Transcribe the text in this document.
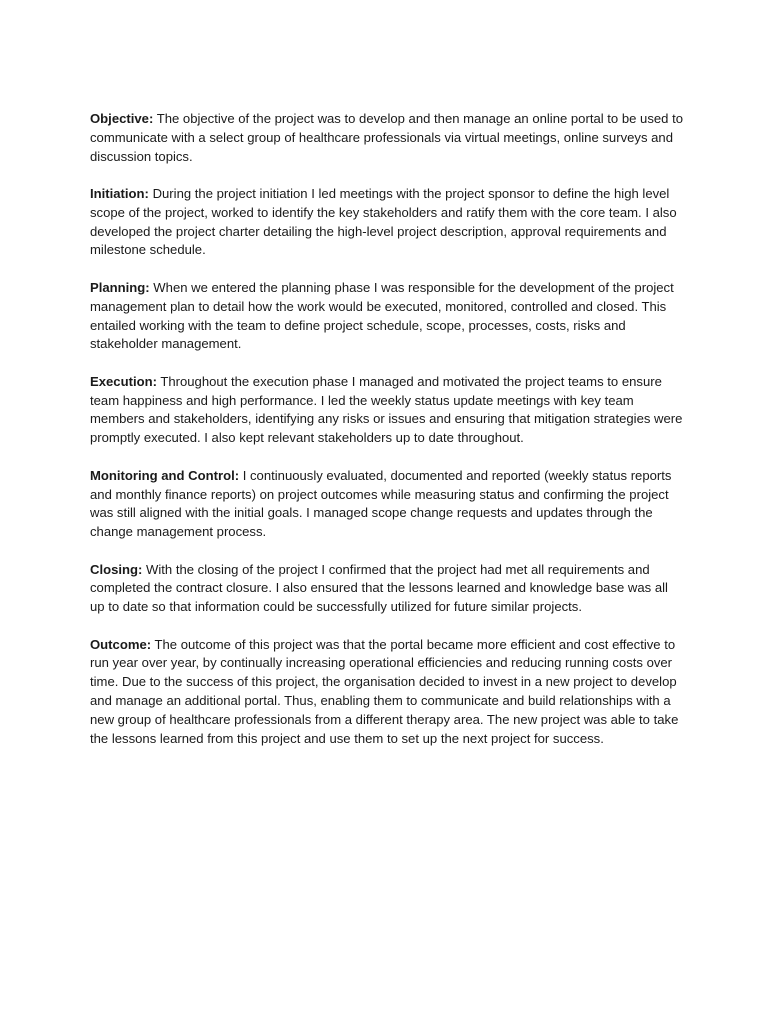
Objective: The objective of the project was to develop and then manage an online portal to be used to communicate with a select group of healthcare professionals via virtual meetings, online surveys and discussion topics.

Initiation: During the project initiation I led meetings with the project sponsor to define the high level scope of the project, worked to identify the key stakeholders and ratify them with the core team. I also developed the project charter detailing the high-level project description, approval requirements and milestone schedule.

Planning: When we entered the planning phase I was responsible for the development of the project management plan to detail how the work would be executed, monitored, controlled and closed. This entailed working with the team to define project schedule, scope, processes, costs, risks and stakeholder management.

Execution: Throughout the execution phase I managed and motivated the project teams to ensure team happiness and high performance. I led the weekly status update meetings with key team members and stakeholders, identifying any risks or issues and ensuring that mitigation strategies were promptly executed. I also kept relevant stakeholders up to date throughout.

Monitoring and Control: I continuously evaluated, documented and reported (weekly status reports and monthly finance reports) on project outcomes while measuring status and confirming the project was still aligned with the initial goals. I managed scope change requests and updates through the change management process.

Closing: With the closing of the project I confirmed that the project had met all requirements and completed the contract closure. I also ensured that the lessons learned and knowledge base was all up to date so that information could be successfully utilized for future similar projects.

Outcome: The outcome of this project was that the portal became more efficient and cost effective to run year over year, by continually increasing operational efficiencies and reducing running costs over time. Due to the success of this project, the organisation decided to invest in a new project to develop and manage an additional portal. Thus, enabling them to communicate and build relationships with a new group of healthcare professionals from a different therapy area. The new project was able to take the lessons learned from this project and use them to set up the next project for success.
